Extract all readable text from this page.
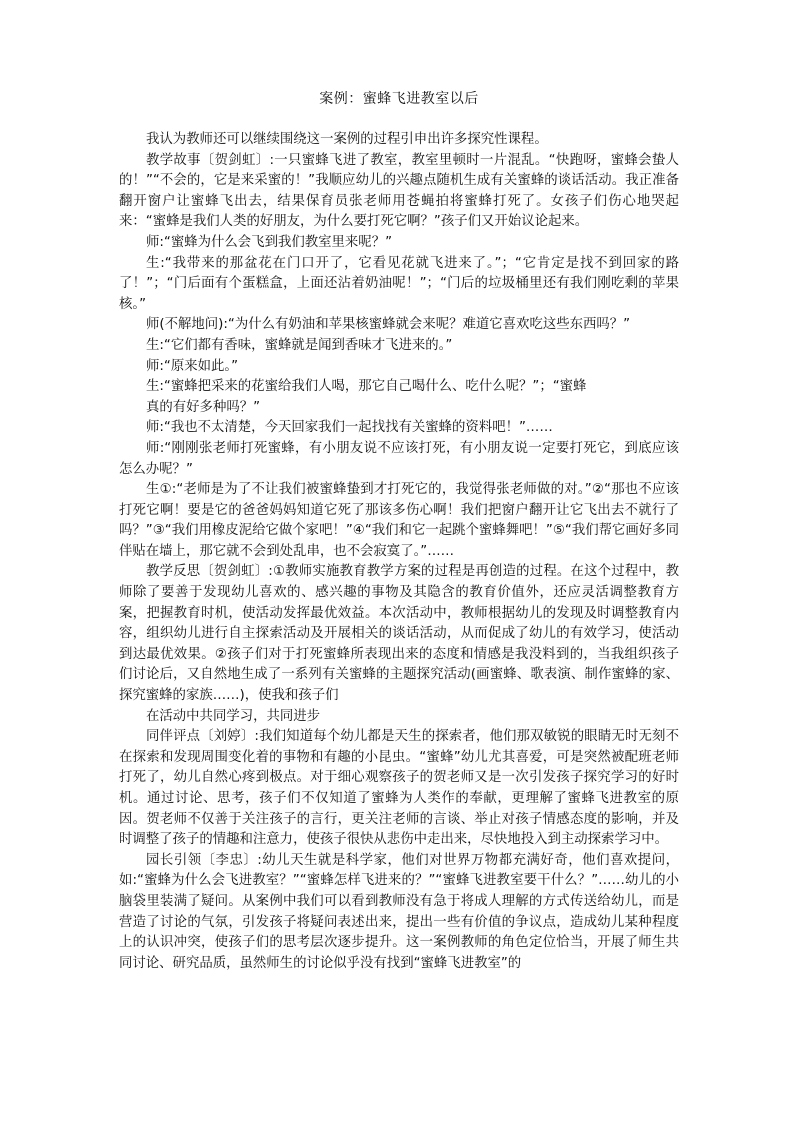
案例：蜜蜂飞进教室以后

我认为教师还可以继续围绕这一案例的过程引申出许多探究性课程。

教学故事〔贺剑虹〕:一只蜜蜂飞进了教室，教室里顿时一片混乱。“快跑呀，蜜蜂会蛰人的！”“不会的，它是来采蜜的！”我顺应幼儿的兴趣点随机生成有关蜜蜂的谈话活动。我正准备翻开窗户让蜜蜂飞出去，结果保育员张老师用苍蝇拍将蜜蜂打死了。女孩子们伤心地哭起来：“蜜蜂是我们人类的好朋友，为什么要打死它啊？”孩子们又开始议论起来。

师:“蜜蜂为什么会飞到我们教室里来呢？”

生:“我带来的那盆花在门口开了，它看见花就飞进来了。”；“它肯定是找不到回家的路了！”；“门后面有个蛋糕盒，上面还沾着奶油呢！”；“门后的垃圾桶里还有我们刚吃剩的苹果核。”

师(不解地问):“为什么有奶油和苹果核蜜蜂就会来呢？难道它喜欢吃这些东西吗？”

生:“它们都有香味，蜜蜂就是闻到香味才飞进来的。”

师:“原来如此。”

生:“蜜蜂把采来的花蜜给我们人喝，那它自己喝什么、吃什么呢？”；“蜜蜂

真的有好多种吗？”

师:“我也不太清楚，今天回家我们一起找找有关蜜蜂的资料吧！”……

师:“刚刚张老师打死蜜蜂，有小朋友说不应该打死，有小朋友说一定要打死它，到底应该怎么办呢？”

生①:“老师是为了不让我们被蜜蜂蛰到才打死它的，我觉得张老师做的对。”②“那也不应该打死它啊！要是它的爸爸妈妈知道它死了那该多伤心啊！我们把窗户翻开让它飞出去不就行了吗？”③“我们用橡皮泥给它做个家吧！”④“我们和它一起跳个蜜蜂舞吧！”⑤“我们帮它画好多同伴贴在墙上，那它就不会到处乱串，也不会寂寞了。”……

教学反思〔贺剑虹〕:①教师实施教育教学方案的过程是再创造的过程。在这个过程中，教师除了要善于发现幼儿喜欢的、感兴趣的事物及其隐含的教育价值外，还应灵活调整教育方案，把握教育时机，使活动发挥最优效益。本次活动中，教师根据幼儿的发现及时调整教育内容，组织幼儿进行自主探索活动及开展相关的谈话活动，从而促成了幼儿的有效学习，使活动到达最优效果。②孩子们对于打死蜜蜂所表现出来的态度和情感是我没料到的，当我组织孩子们讨论后，又自然地生成了一系列有关蜜蜂的主题探究活动(画蜜蜂、歌表演、制作蜜蜂的家、探究蜜蜂的家族……)，使我和孩子们

在活动中共同学习，共同进步

同伴评点〔刘婷〕:我们知道每个幼儿都是天生的探索者，他们那双敏锐的眼睛无时无刻不在探索和发现周围变化着的事物和有趣的小昆虫。“蜜蜂”幼儿尤其喜爱，可是突然被配班老师打死了，幼儿自然心疼到极点。对于细心观察孩子的贺老师又是一次引发孩子探究学习的好时机。通过讨论、思考，孩子们不仅知道了蜜蜂为人类作的奉献，更理解了蜜蜂飞进教室的原因。贺老师不仅善于关注孩子的言行，更关注老师的言谈、举止对孩子情感态度的影响，并及时调整了孩子的情趣和注意力，使孩子很快从悲伤中走出来，尽快地投入到主动探索学习中。

园长引领〔李忠〕:幼儿天生就是科学家，他们对世界万物都充满好奇，他们喜欢提问，如:“蜜蜂为什么会飞进教室？”“蜜蜂怎样飞进来的？”“蜜蜂飞进教室要干什么？”……幼儿的小脑袋里装满了疑问。从案例中我们可以看到教师没有急于将成人理解的方式传送给幼儿，而是营造了讨论的气氛，引发孩子将疑问表述出来，提出一些有价值的争议点，造成幼儿某种程度上的认识冲突，使孩子们的思考层次逐步提升。这一案例教师的角色定位恰当，开展了师生共同讨论、研究品质，虽然师生的讨论似乎没有找到“蜜蜂飞进教室”的
